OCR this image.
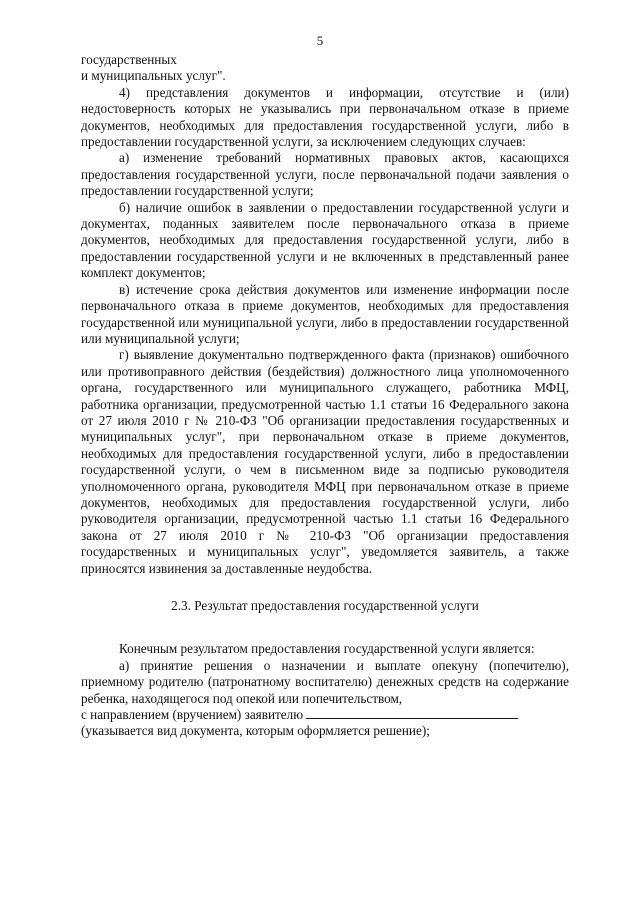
5

государственных

и муниципальных услуг".

4) представления документов и информации, отсутствие и (или) недостоверность которых не указывались при первоначальном отказе в приеме документов, необходимых для предоставления государственной услуги, либо в предоставлении государственной услуги, за исключением следующих случаев:

а) изменение требований нормативных правовых актов, касающихся предоставления государственной услуги, после первоначальной подачи заявления о предоставлении государственной услуги;

б) наличие ошибок в заявлении о предоставлении государственной услуги и документах, поданных заявителем после первоначального отказа в приеме документов, необходимых для предоставления государственной услуги, либо в предоставлении государственной услуги и не включенных в представленный ранее комплект документов;

в) истечение срока действия документов или изменение информации после первоначального отказа в приеме документов, необходимых для предоставления государственной или муниципальной услуги, либо в предоставлении государственной или муниципальной услуги;

г) выявление документально подтвержденного факта (признаков) ошибочного или противоправного действия (бездействия) должностного лица уполномоченного органа, государственного или муниципального служащего, работника МФЦ, работника организации, предусмотренной частью 1.1 статьи 16 Федерального закона от 27 июля 2010 г № 210-ФЗ "Об организации предоставления государственных и муниципальных услуг", при первоначальном отказе в приеме документов, необходимых для предоставления государственной услуги, либо в предоставлении государственной услуги, о чем в письменном виде за подписью руководителя уполномоченного органа, руководителя МФЦ при первоначальном отказе в приеме документов, необходимых для предоставления государственной услуги, либо руководителя организации, предусмотренной частью 1.1 статьи 16 Федерального закона от 27 июля 2010 г № 210-ФЗ "Об организации предоставления государственных и муниципальных услуг", уведомляется заявитель, а также приносятся извинения за доставленные неудобства.

2.3. Результат предоставления государственной услуги

Конечным результатом предоставления государственной услуги является:

а) принятие решения о назначении и выплате опекуну (попечителю), приемному родителю (патронатному воспитателю) денежных средств на содержание ребенка, находящегося под опекой или попечительством,

с направлением (вручением) заявителю

(указывается вид документа, которым оформляется решение);
